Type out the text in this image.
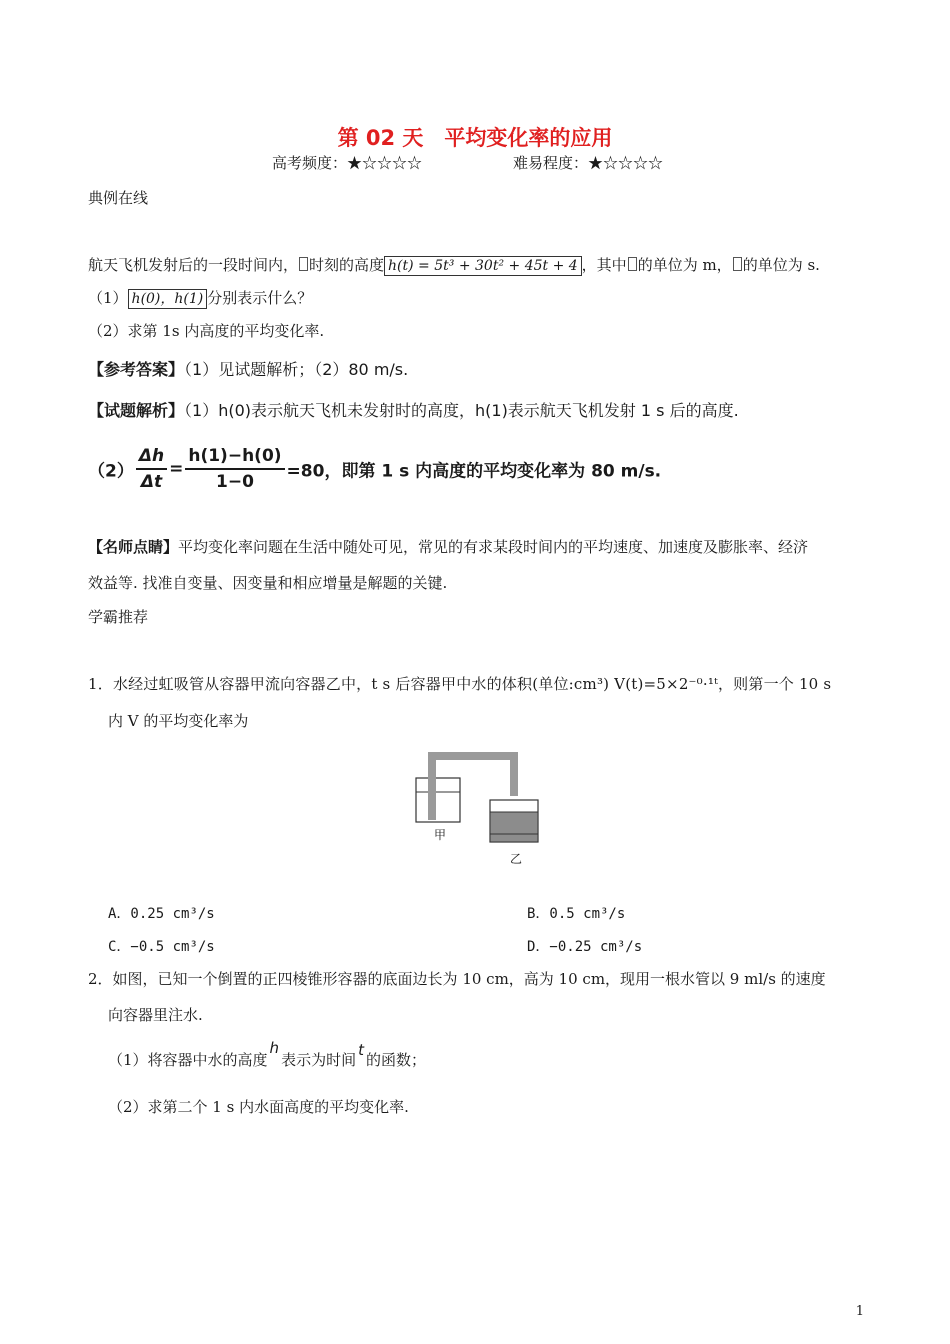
第 02 天　平均变化率的应用
高考频度：★☆☆☆☆	难易程度：★☆☆☆☆
典例在线
航天飞机发射后的一段时间内， 时刻的高度 h(t) = 5t³ + 30t² + 45t + 4 ，其中 的单位为 m， 的单位为 s.
（1） h(0)，h(1) 分别表示什么？
（2）求第 1s 内高度的平均变化率.
【参考答案】（1）见试题解析；（2）80 m/s.
【试题解析】（1）h(0)表示航天飞机未发射时的高度，h(1)表示航天飞机发射 1 s 后的高度.
$(2) \frac{\Delta h}{\Delta t} = \frac{h(1)-h(0)}{1-0} =80$，即第 1 s 内高度的平均变化率为 80 m/s.
【名师点睛】平均变化率问题在生活中随处可见，常见的有求某段时间内的平均速度、加速度及膨胀率、经济
效益等. 找准自变量、因变量和相应增量是解题的关键.
学霸推荐
1．水经过虹吸管从容器甲流向容器乙中，t s 后容器甲中水的体积(单位:cm³) V(t)=5×2⁻⁰·¹ᵗ，则第一个 10 s
内 V 的平均变化率为
甲
乙
A．0.25 cm³/s	B．0.5 cm³/s
C．−0.5 cm³/s	D．−0.25 cm³/s
2．如图，已知一个倒置的正四棱锥形容器的底面边长为 10 cm，高为 10 cm，现用一根水管以 9 ml/s 的速度
向容器里注水.
（1）将容器中水的高度h表示为时间t的函数；
（2）求第二个 1 s 内水面高度的平均变化率.
1
